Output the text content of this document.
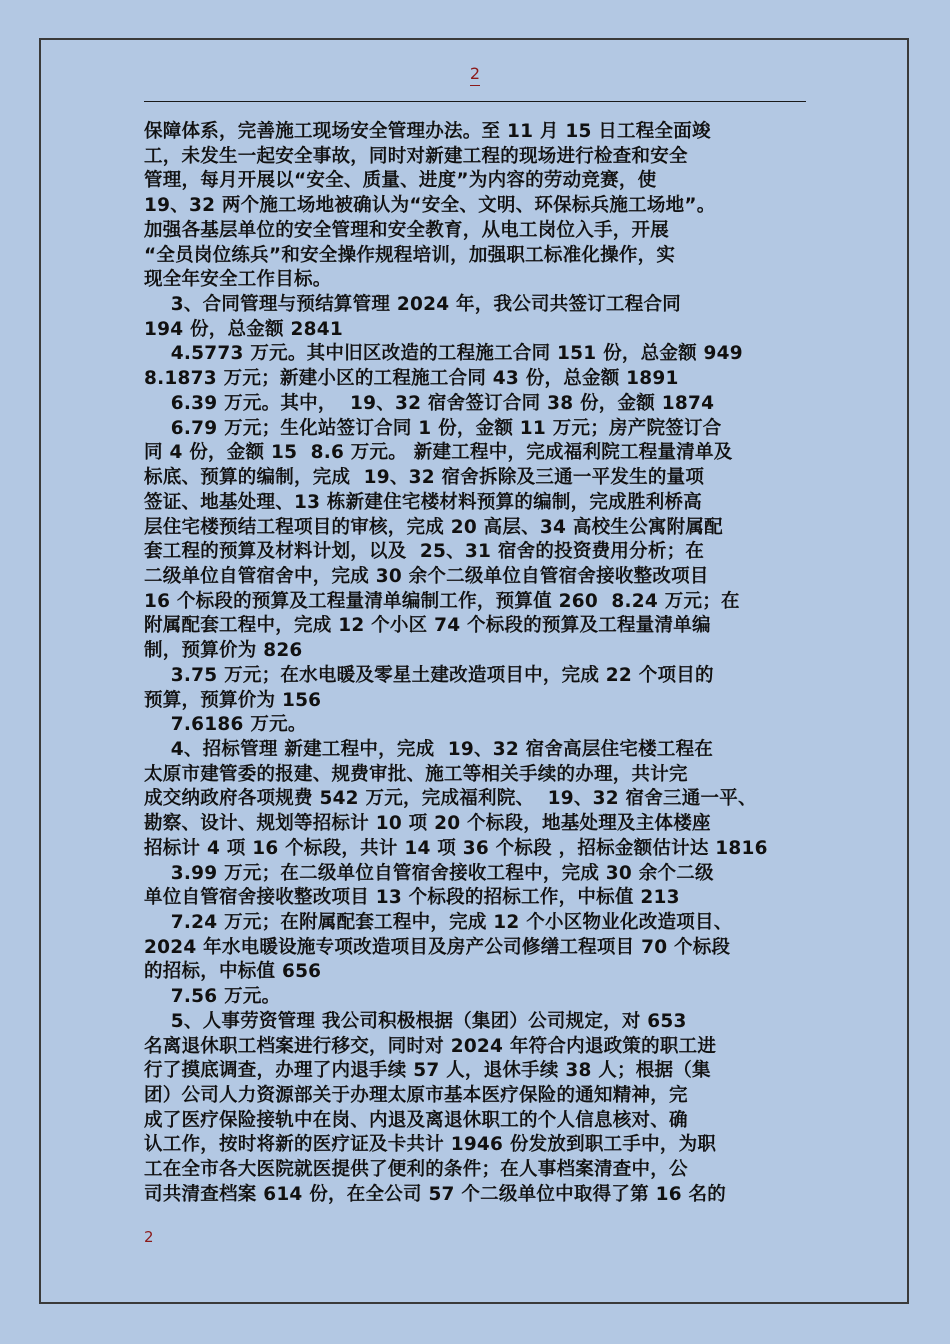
2
保障体系，完善施工现场安全管理办法。至 11 月 15 日工程全面竣
工，未发生一起安全事故，同时对新建工程的现场进行检查和安全
管理，每月开展以“安全、质量、进度”为内容的劳动竞赛，使
19、32 两个施工场地被确认为“安全、文明、环保标兵施工场地”。
加强各基层单位的安全管理和安全教育，从电工岗位入手，开展
“全员岗位练兵”和安全操作规程培训，加强职工标准化操作，实
现全年安全工作目标。
3、合同管理与预结算管理 2024 年，我公司共签订工程合同
194 份，总金额 2841
4.5773 万元。其中旧区改造的工程施工合同 151 份，总金额 949
8.1873 万元；新建小区的工程施工合同 43 份，总金额 1891
6.39 万元。其中，  19、32 宿舍签订合同 38 份，金额 1874
6.79 万元；生化站签订合同 1 份，金额 11 万元；房产院签订合
同 4 份，金额 15  8.6 万元。 新建工程中，完成福利院工程量清单及
标底、预算的编制，完成  19、32 宿舍拆除及三通一平发生的量项
签证、地基处理、13 栋新建住宅楼材料预算的编制，完成胜利桥高
层住宅楼预结工程项目的审核，完成 20 高层、34 高校生公寓附属配
套工程的预算及材料计划，以及  25、31 宿舍的投资费用分析；在
二级单位自管宿舍中，完成 30 余个二级单位自管宿舍接收整改项目
16 个标段的预算及工程量清单编制工作，预算值 260  8.24 万元；在
附属配套工程中，完成 12 个小区 74 个标段的预算及工程量清单编
制，预算价为 826
3.75 万元；在水电暖及零星土建改造项目中，完成 22 个项目的
预算，预算价为 156
7.6186 万元。
4、招标管理 新建工程中，完成  19、32 宿舍高层住宅楼工程在
太原市建管委的报建、规费审批、施工等相关手续的办理，共计完
成交纳政府各项规费 542 万元，完成福利院、  19、32 宿舍三通一平、
勘察、设计、规划等招标计 10 项 20 个标段，地基处理及主体楼座
招标计 4 项 16 个标段，共计 14 项 36 个标段 ，招标金额估计达 1816
3.99 万元；在二级单位自管宿舍接收工程中，完成 30 余个二级
单位自管宿舍接收整改项目 13 个标段的招标工作，中标值 213
7.24 万元；在附属配套工程中，完成 12 个小区物业化改造项目、
2024 年水电暖设施专项改造项目及房产公司修缮工程项目 70 个标段
的招标，中标值 656
7.56 万元。
5、人事劳资管理 我公司积极根据（集团）公司规定，对 653
名离退休职工档案进行移交，同时对 2024 年符合内退政策的职工进
行了摸底调查，办理了内退手续 57 人，退休手续 38 人；根据（集
团）公司人力资源部关于办理太原市基本医疗保险的通知精神，完
成了医疗保险接轨中在岗、内退及离退休职工的个人信息核对、确
认工作，按时将新的医疗证及卡共计 1946 份发放到职工手中，为职
工在全市各大医院就医提供了便利的条件；在人事档案清查中，公
司共清查档案 614 份，在全公司 57 个二级单位中取得了第 16 名的
2
